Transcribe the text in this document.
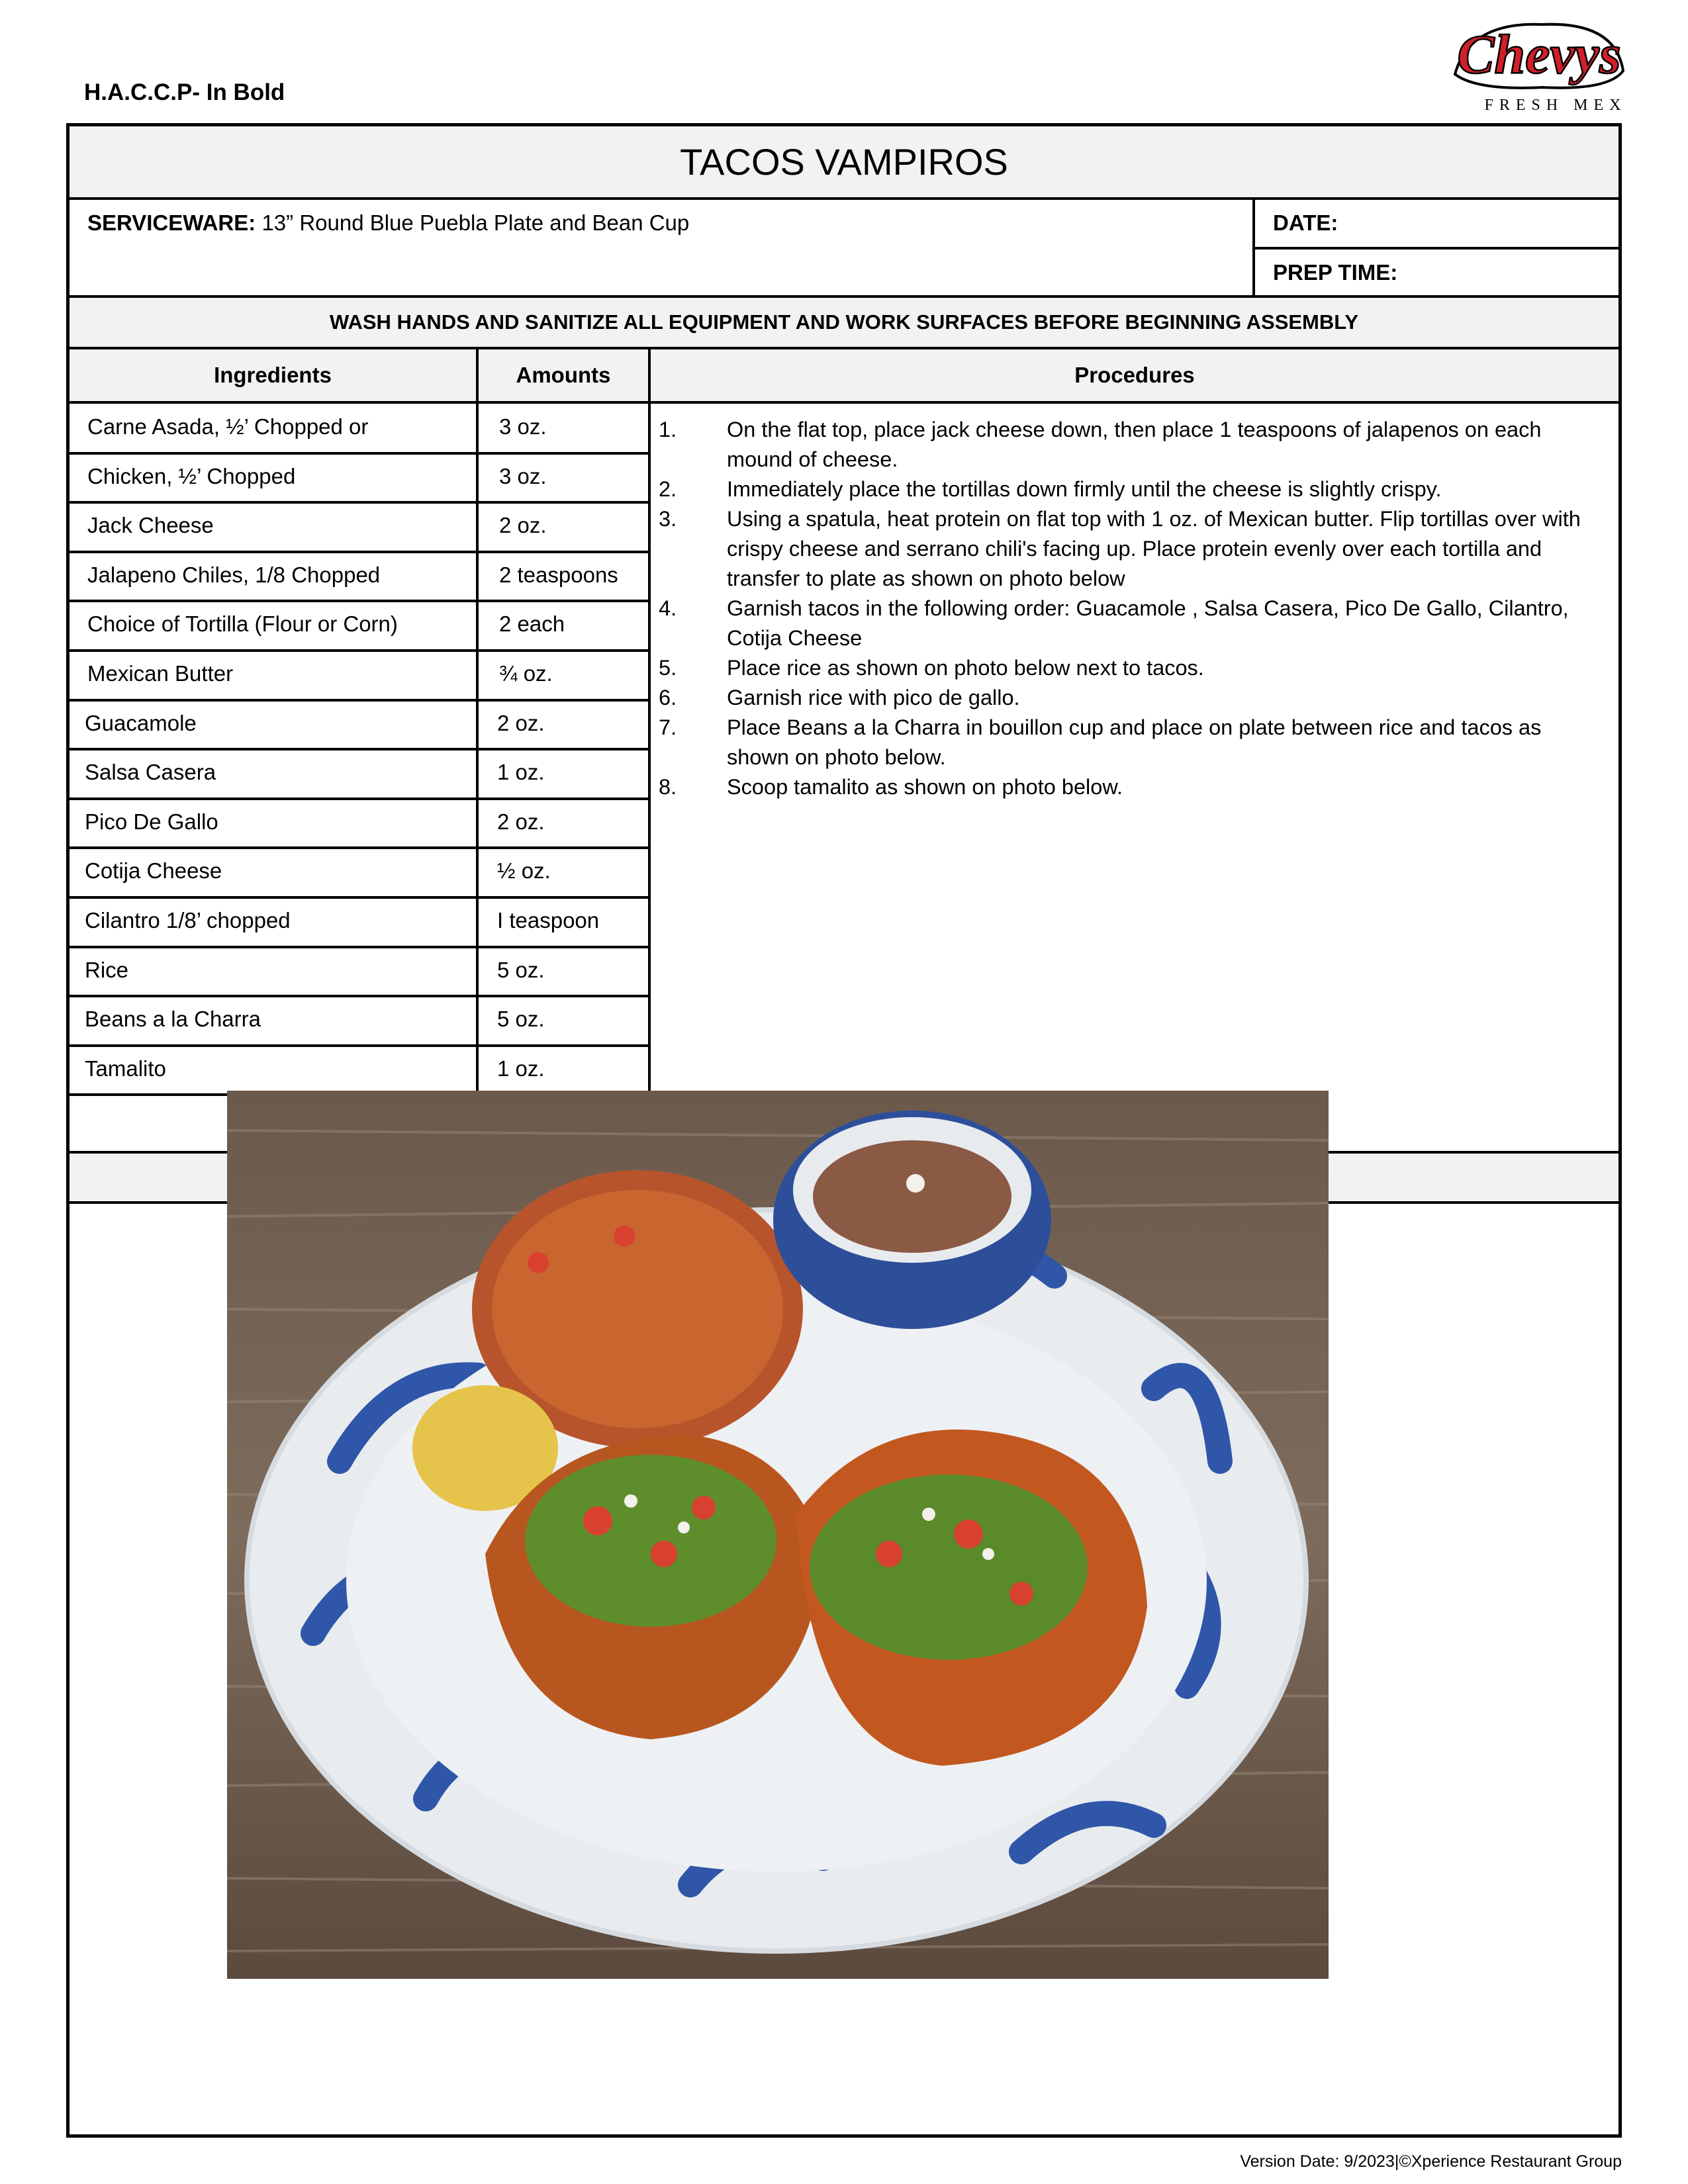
H.A.C.C.P- In Bold
Chevys
FRESH MEX
TACOS VAMPIROS
SERVICEWARE: 13” Round Blue Puebla Plate and Bean Cup	DATE:
PREP TIME:
WASH HANDS AND SANITIZE ALL EQUIPMENT AND WORK SURFACES BEFORE BEGINNING ASSEMBLY
Ingredients	Amounts	Procedures
Carne Asada, ½’ Chopped or	3 oz.
Chicken, ½’ Chopped	3 oz.
Jack Cheese	2 oz.
Jalapeno Chiles, 1/8 Chopped	2 teaspoons
Choice of Tortilla (Flour or Corn)	2 each
Mexican Butter	¾ oz.
Guacamole	2 oz.
Salsa Casera	1 oz.
Pico De Gallo	2 oz.
Cotija Cheese	½ oz.
Cilantro 1/8’ chopped	I teaspoon
Rice	5 oz.
Beans a la Charra	5 oz.
Tamalito	1 oz.
1. On the flat top, place jack cheese down, then place 1 teaspoons of jalapenos on each mound of cheese.
2. Immediately place the tortillas down firmly until the cheese is slightly crispy.
3. Using a spatula, heat protein on flat top with 1 oz. of Mexican butter. Flip tortillas over with crispy cheese and serrano chili's facing up. Place protein evenly over each tortilla and transfer to plate as shown on photo below
4. Garnish tacos in the following order: Guacamole , Salsa Casera, Pico De Gallo, Cilantro, Cotija Cheese
5. Place rice as shown on photo below next to tacos.
6. Garnish rice with pico de gallo.
7. Place Beans a la Charra in bouillon cup and place on plate between rice and tacos as shown on photo below.
8. Scoop tamalito as shown on photo below.
Version Date: 9/2023|©Xperience Restaurant Group
